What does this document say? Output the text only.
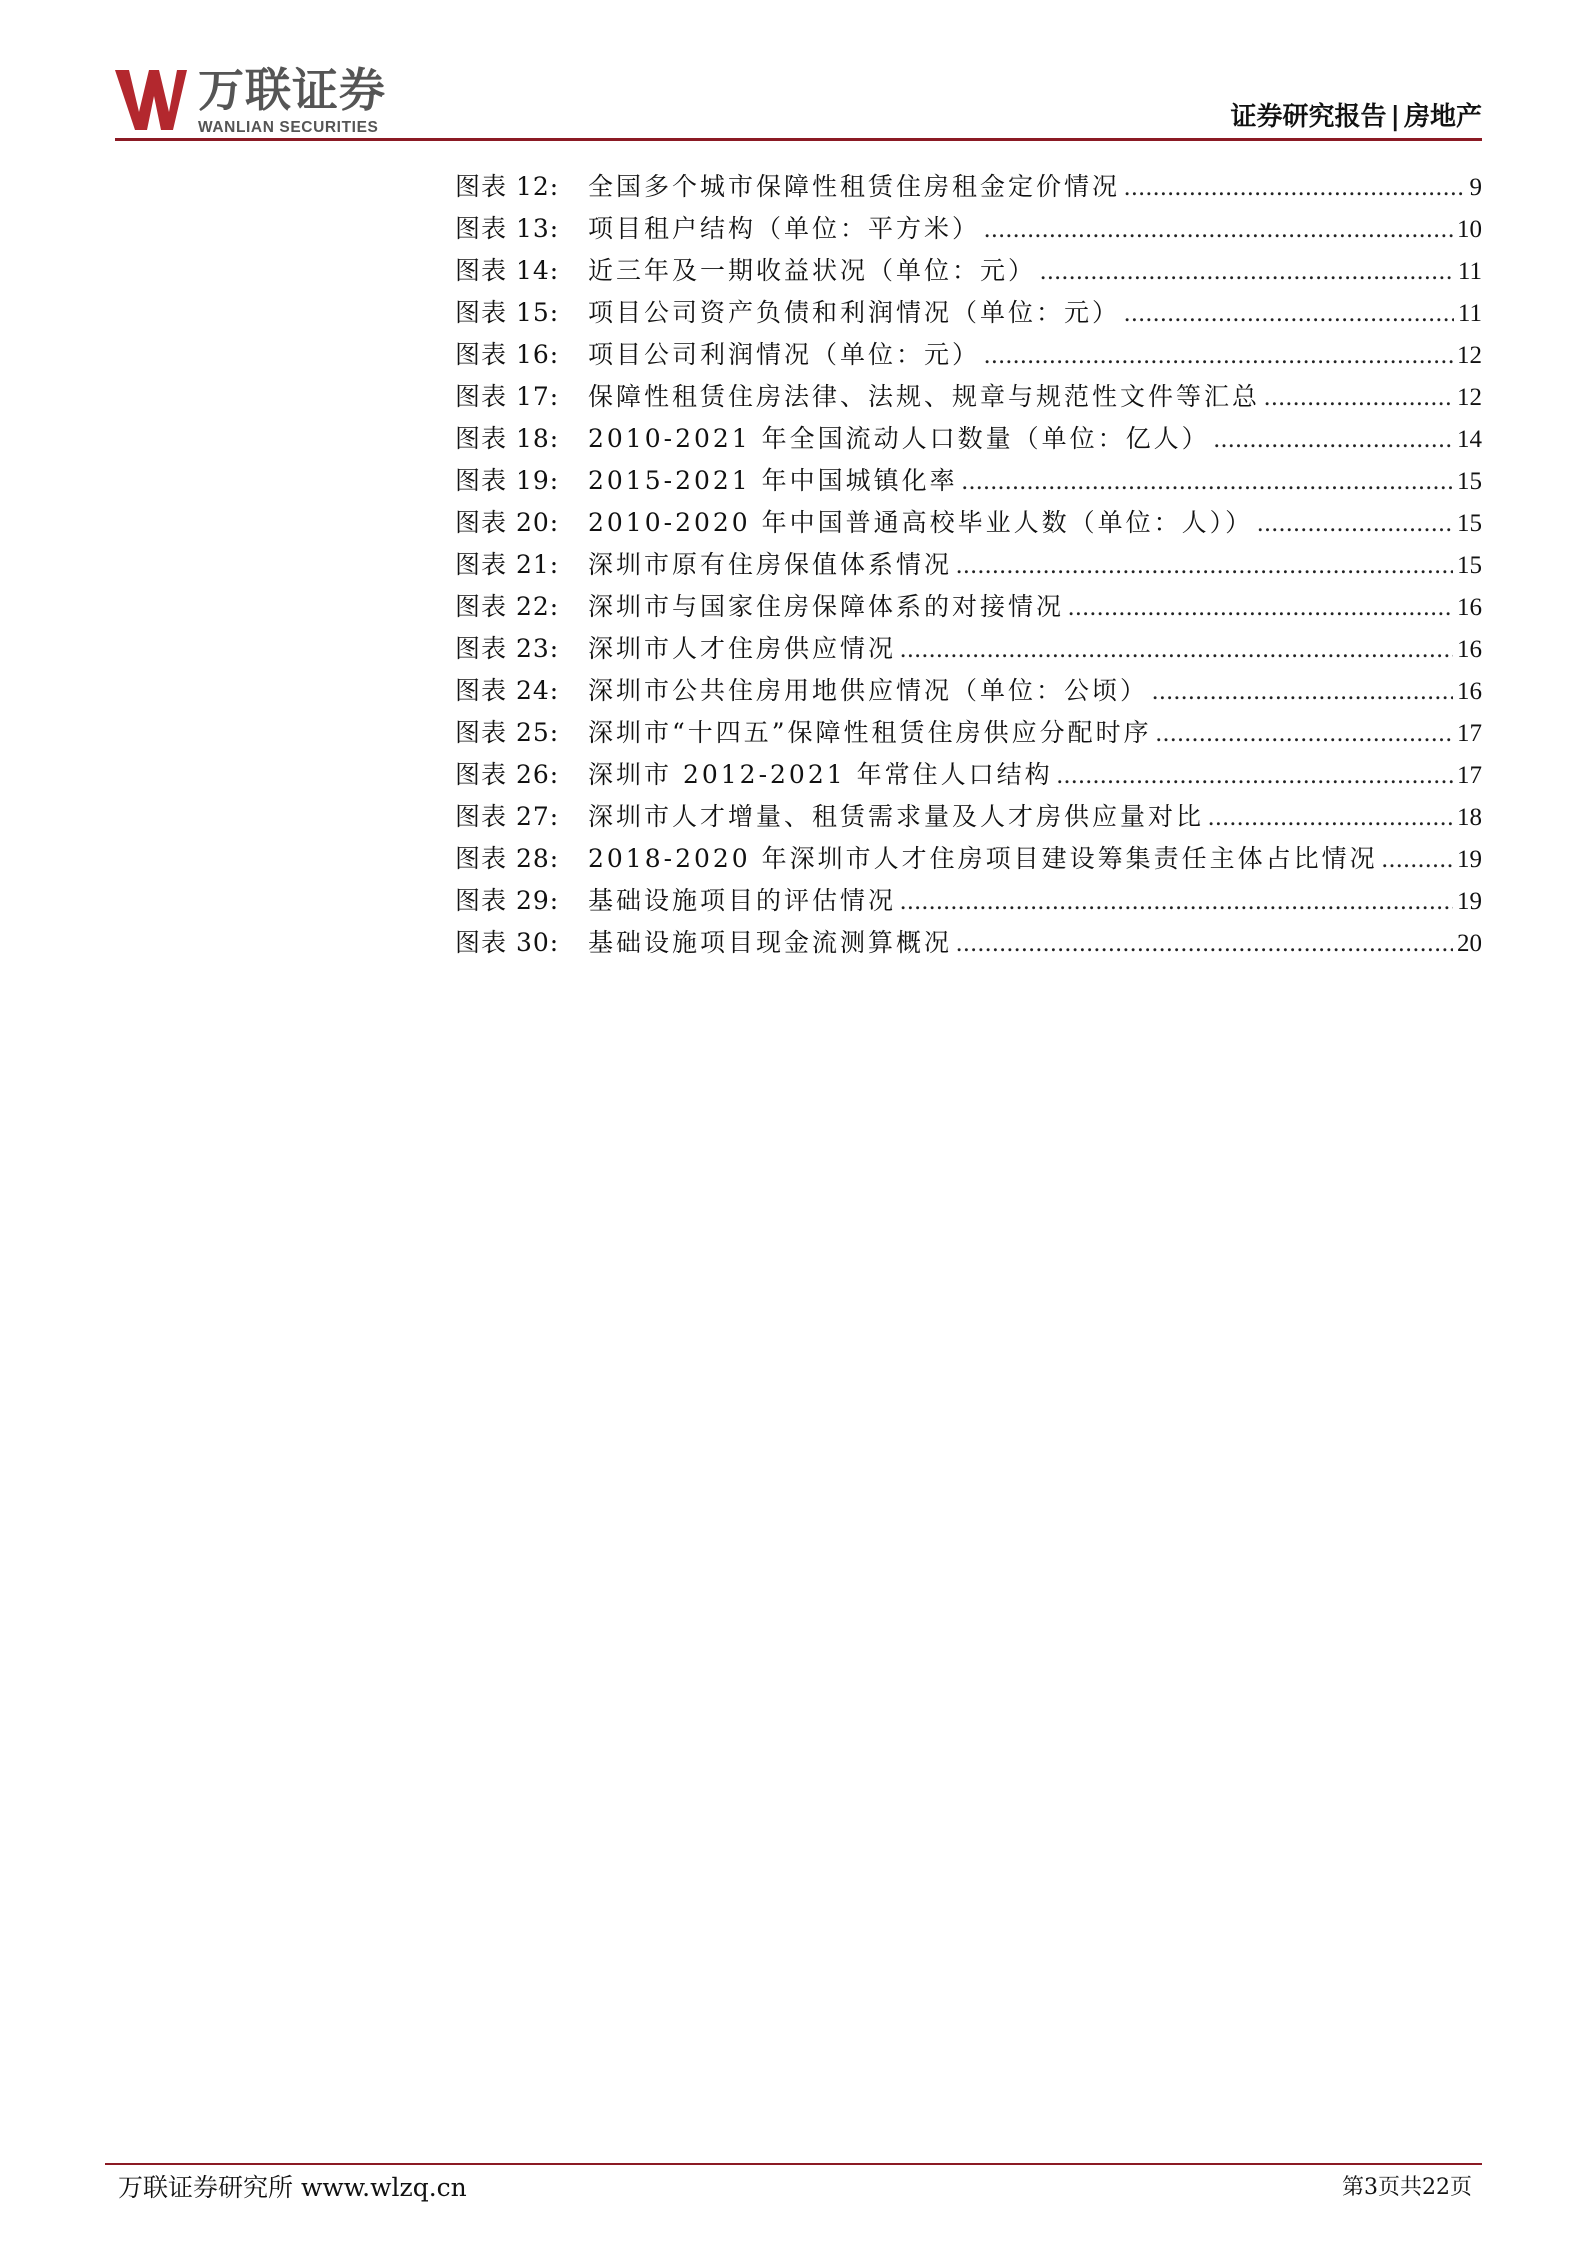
万联证券
WANLIAN SECURITIES	证券研究报告 | 房地产
图表 12:	全国多个城市保障性租赁住房租金定价情况 .....	9
图表 13:	项目租户结构（单位：平方米） .....	10
图表 14:	近三年及一期收益状况（单位：元） .....	11
图表 15:	项目公司资产负债和利润情况（单位：元） .....	11
图表 16:	项目公司利润情况（单位：元） .....	12
图表 17:	保障性租赁住房法律、法规、规章与规范性文件等汇总 .....	12
图表 18:	2010-2021 年全国流动人口数量（单位：亿人） .....	14
图表 19:	2015-2021 年中国城镇化率 .....	15
图表 20:	2010-2020 年中国普通高校毕业人数（单位：人）） .....	15
图表 21:	深圳市原有住房保值体系情况 .....	15
图表 22:	深圳市与国家住房保障体系的对接情况 .....	16
图表 23:	深圳市人才住房供应情况 .....	16
图表 24:	深圳市公共住房用地供应情况（单位：公顷） .....	16
图表 25:	深圳市“十四五”保障性租赁住房供应分配时序 .....	17
图表 26:	深圳市 2012-2021 年常住人口结构 .....	17
图表 27:	深圳市人才增量、租赁需求量及人才房供应量对比 .....	18
图表 28:	2018-2020 年深圳市人才住房项目建设筹集责任主体占比情况 .....	19
图表 29:	基础设施项目的评估情况 .....	19
图表 30:	基础设施项目现金流测算概况 .....	20
万联证券研究所 www.wlzq.cn	第3页共22页
